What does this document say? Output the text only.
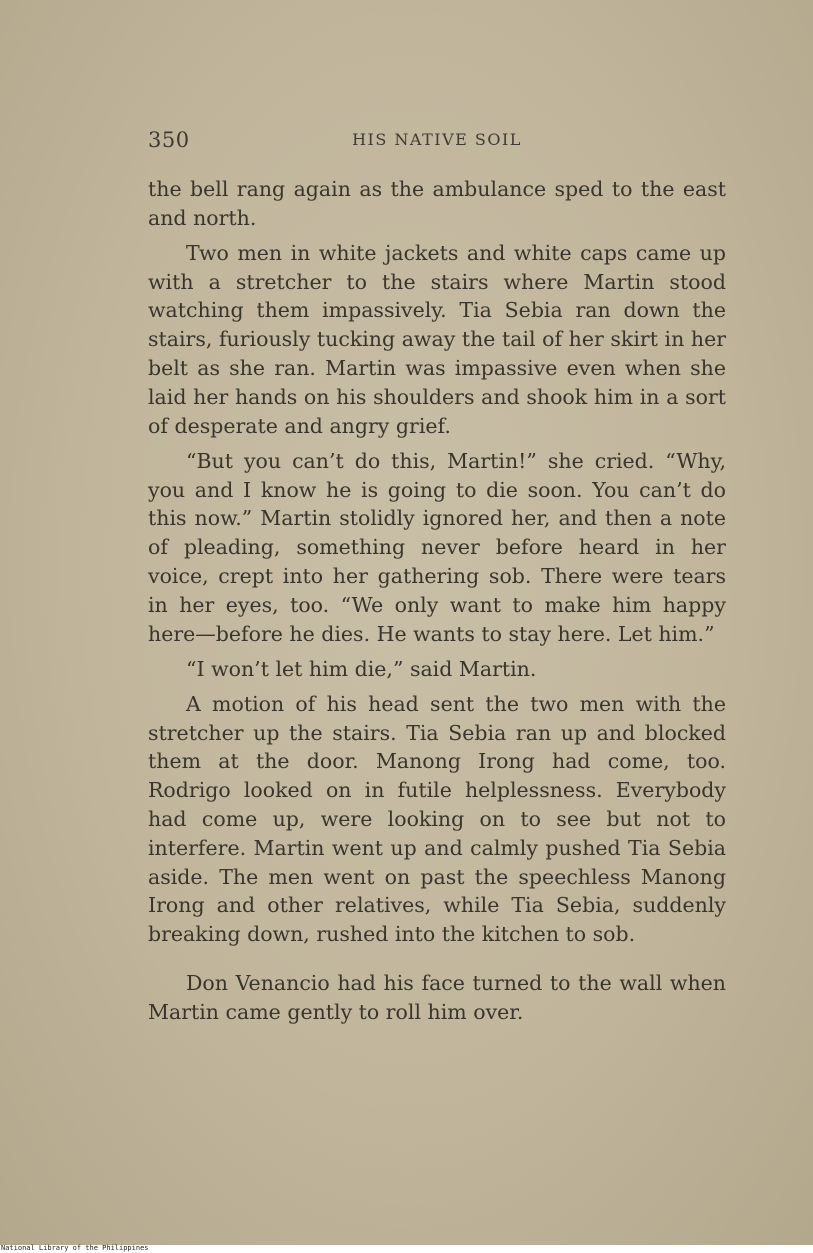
350	HIS NATIVE SOIL

the bell rang again as the ambulance sped to the east and north.

Two men in white jackets and white caps came up with a stretcher to the stairs where Martin stood watching them impassively. Tia Sebia ran down the stairs, furiously tucking away the tail of her skirt in her belt as she ran. Martin was impassive even when she laid her hands on his shoulders and shook him in a sort of desperate and angry grief.

“But you can’t do this, Martin!” she cried. “Why, you and I know he is going to die soon. You can’t do this now.” Martin stolidly ignored her, and then a note of pleading, something never before heard in her voice, crept into her gathering sob. There were tears in her eyes, too. “We only want to make him happy here—before he dies. He wants to stay here. Let him.”

“I won’t let him die,” said Martin.

A motion of his head sent the two men with the stretcher up the stairs. Tia Sebia ran up and blocked them at the door. Manong Irong had come, too. Rodrigo looked on in futile helplessness. Everybody had come up, were looking on to see but not to interfere. Martin went up and calmly pushed Tia Sebia aside. The men went on past the speechless Manong Irong and other relatives, while Tia Sebia, suddenly breaking down, rushed into the kitchen to sob.

Don Venancio had his face turned to the wall when Martin came gently to roll him over.

National Library of the Philippines
